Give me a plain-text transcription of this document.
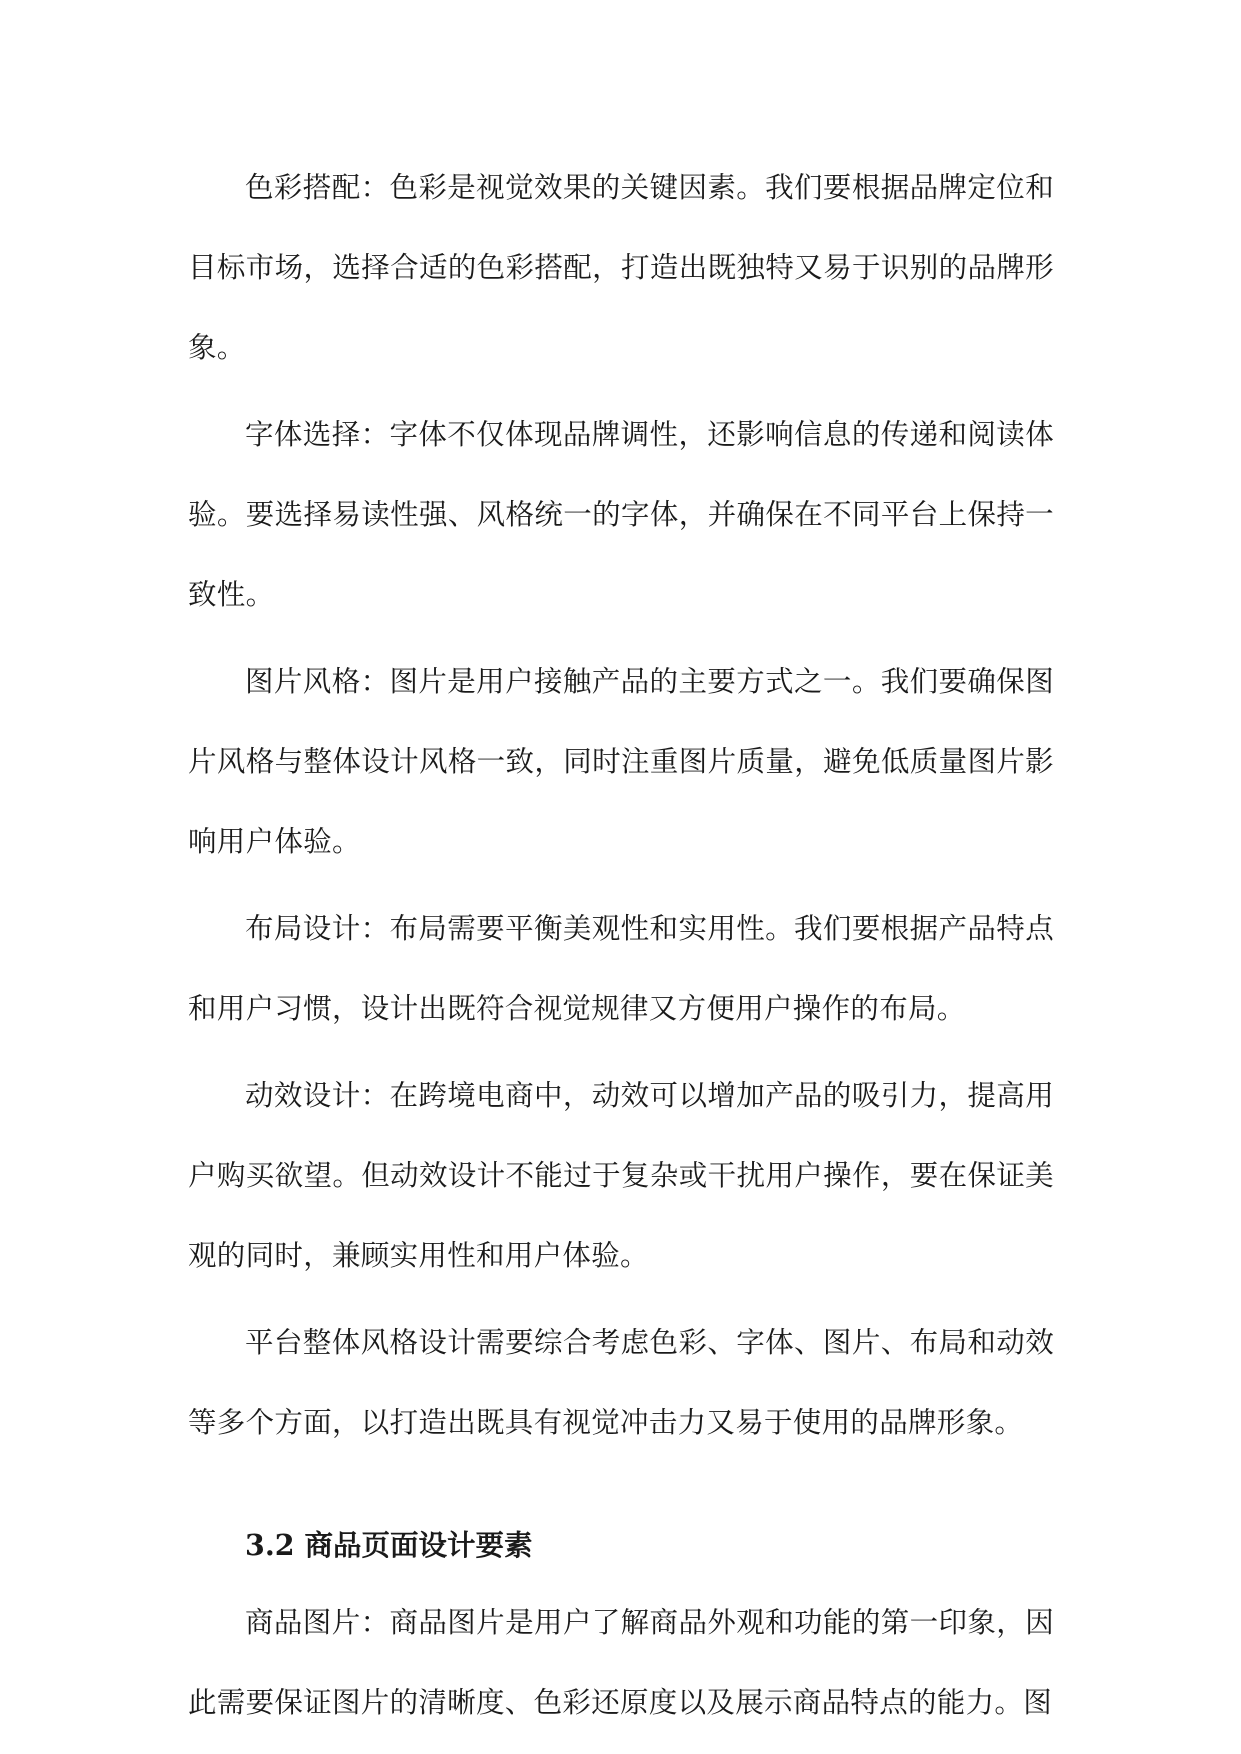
色彩搭配：色彩是视觉效果的关键因素。我们要根据品牌定位和目标市场，选择合适的色彩搭配，打造出既独特又易于识别的品牌形象。

字体选择：字体不仅体现品牌调性，还影响信息的传递和阅读体验。要选择易读性强、风格统一的字体，并确保在不同平台上保持一致性。

图片风格：图片是用户接触产品的主要方式之一。我们要确保图片风格与整体设计风格一致，同时注重图片质量，避免低质量图片影响用户体验。

布局设计：布局需要平衡美观性和实用性。我们要根据产品特点和用户习惯，设计出既符合视觉规律又方便用户操作的布局。

动效设计：在跨境电商中，动效可以增加产品的吸引力，提高用户购买欲望。但动效设计不能过于复杂或干扰用户操作，要在保证美观的同时，兼顾实用性和用户体验。

平台整体风格设计需要综合考虑色彩、字体、图片、布局和动效等多个方面，以打造出既具有视觉冲击力又易于使用的品牌形象。

3.2 商品页面设计要素

商品图片：商品图片是用户了解商品外观和功能的第一印象，因此需要保证图片的清晰度、色彩还原度以及展示商品特点的能力。图
